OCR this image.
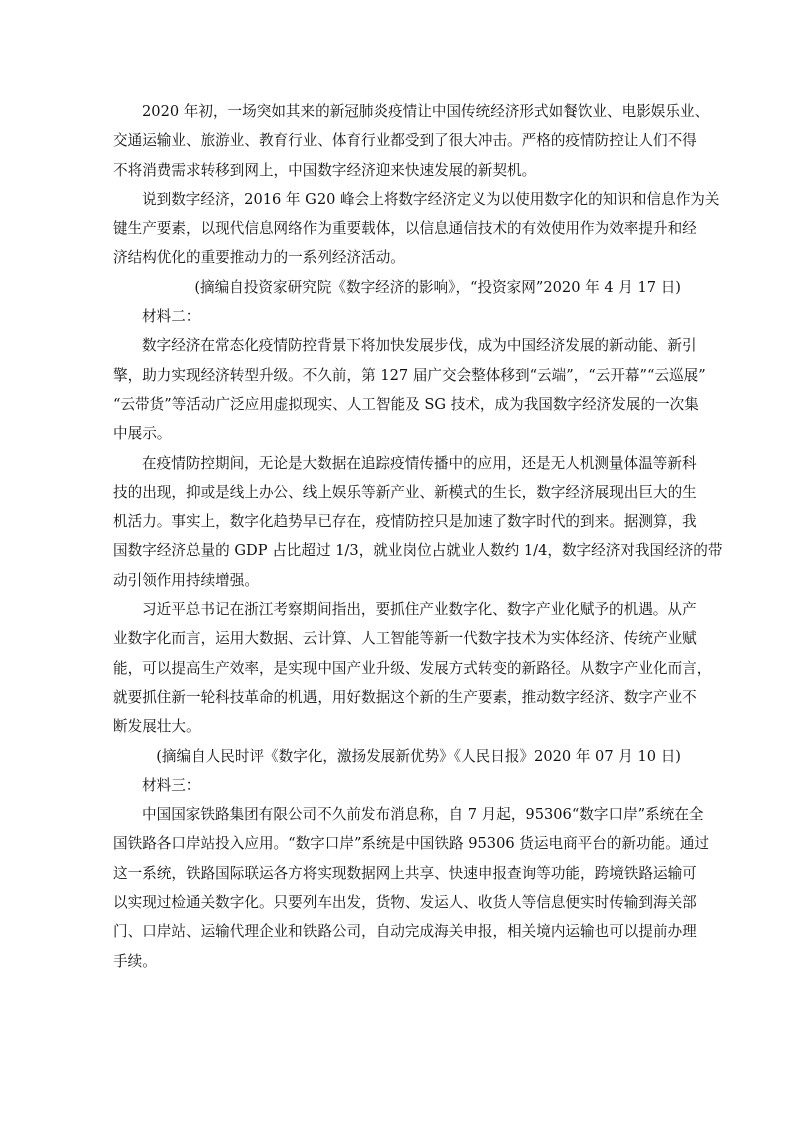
2020 年初，一场突如其来的新冠肺炎疫情让中国传统经济形式如餐饮业、电影娱乐业、
交通运输业、旅游业、教育行业、体育行业都受到了很大冲击。严格的疫情防控让人们不得
不将消费需求转移到网上，中国数字经济迎来快速发展的新契机。
说到数字经济，2016 年 G20 峰会上将数字经济定义为以使用数字化的知识和信息作为关
键生产要素，以现代信息网络作为重要载体，以信息通信技术的有效使用作为效率提升和经
济结构优化的重要推动力的一系列经济活动。
(摘编自投资家研究院《数字经济的影响》，“投资家网”2020 年 4 月 17 日)
材料二：
数字经济在常态化疫情防控背景下将加快发展步伐，成为中国经济发展的新动能、新引
擎，助力实现经济转型升级。不久前，第 127 届广交会整体移到“云端”，“云开幕”“云巡展”
“云带货”等活动广泛应用虚拟现实、人工智能及 SG 技术，成为我国数字经济发展的一次集
中展示。
在疫情防控期间，无论是大数据在追踪疫情传播中的应用，还是无人机测量体温等新科
技的出现，抑或是线上办公、线上娱乐等新产业、新模式的生长，数字经济展现出巨大的生
机活力。事实上，数字化趋势早已存在，疫情防控只是加速了数字时代的到来。据测算，我
国数字经济总量的 GDP 占比超过 1/3，就业岗位占就业人数约 1/4，数字经济对我国经济的带
动引领作用持续增强。
习近平总书记在浙江考察期间指出，要抓住产业数字化、数字产业化赋予的机遇。从产
业数字化而言，运用大数据、云计算、人工智能等新一代数字技术为实体经济、传统产业赋
能，可以提高生产效率，是实现中国产业升级、发展方式转变的新路径。从数字产业化而言，
就要抓住新一轮科技革命的机遇，用好数据这个新的生产要素，推动数字经济、数字产业不
断发展壮大。
(摘编自人民时评《数字化，激扬发展新优势》《人民日报》2020 年 07 月 10 日)
材料三：
中国国家铁路集团有限公司不久前发布消息称，自 7 月起，95306“数字口岸”系统在全
国铁路各口岸站投入应用。“数字口岸”系统是中国铁路 95306 货运电商平台的新功能。通过
这一系统，铁路国际联运各方将实现数据网上共享、快速申报查询等功能，跨境铁路运输可
以实现过检通关数字化。只要列车出发，货物、发运人、收货人等信息便实时传输到海关部
门、口岸站、运输代理企业和铁路公司，自动完成海关申报，相关境内运输也可以提前办理
手续。
